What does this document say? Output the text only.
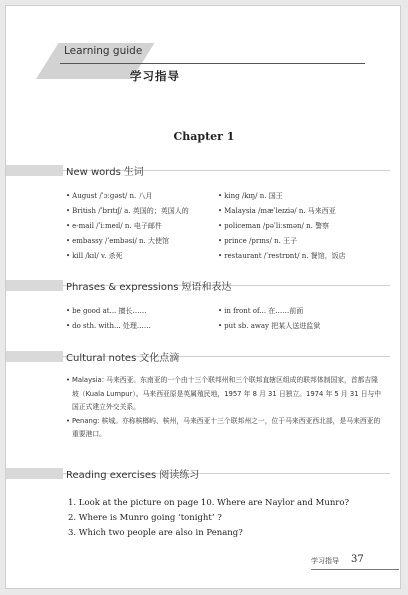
Learning guide
学习指导
Chapter 1
New words 生词
• August /ˈɔːgəst/ n. 八月
• British /ˈbrɪtɪʃ/ a. 英国的；英国人的
• e-mail /ˈiːmeɪl/ n. 电子邮件
• embassy /ˈembəsi/ n. 大使馆
• kill /kɪl/ v. 杀死
• king /kɪŋ/ n. 国王
• Malaysia /mæˈleɪziə/ n. 马来西亚
• policeman /pəˈliːsmən/ n. 警察
• prince /prɪns/ n. 王子
• restaurant /ˈrestrɒnt/ n. 餐馆，饭店
Phrases & expressions 短语和表达
• be good at... 擅长……
• do sth. with... 处理……
• in front of... 在……前面
• put sb. away 把某人送进监狱
Cultural notes 文化点滴
• Malaysia: 马来西亚。东南亚的一个由十三个联邦州和三个联邦直辖区组成的联邦体制国家，首都吉隆坡（Kuala Lumpur）。马来西亚原是英属殖民地，1957 年 8 月 31 日独立。1974 年 5 月 31 日与中国正式建立外交关系。
• Penang: 槟城。亦称槟榔屿、槟州，马来西亚十三个联邦州之一，位于马来西亚西北部，是马来西亚的重要港口。
Reading exercises 阅读练习
1. Look at the picture on page 10. Where are Naylor and Munro?
2. Where is Munro going ‘tonight’ ?
3. Which two people are also in Penang?
学习指导 37
